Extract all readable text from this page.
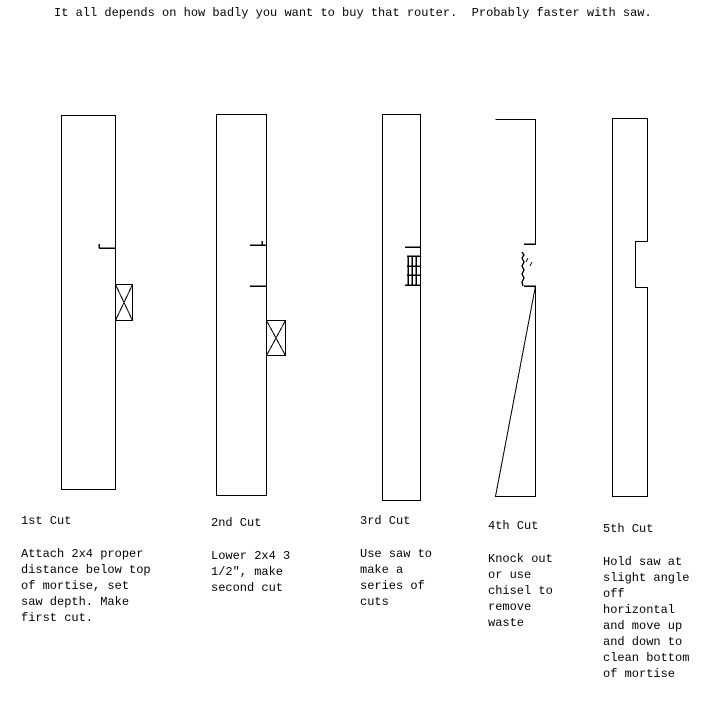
It all depends on how badly you want to buy that router.  Probably faster with saw.
1st Cut	2nd Cut	3rd Cut	4th Cut	5th Cut
Attach 2x4 proper
distance below top
of mortise, set
saw depth. Make
first cut.
Lower 2x4 3
1/2", make
second cut
Use saw to
make a
series of
cuts
Knock out
or use
chisel to
remove
waste
Hold saw at
slight angle
off
horizontal
and move up
and down to
clean bottom
of mortise
